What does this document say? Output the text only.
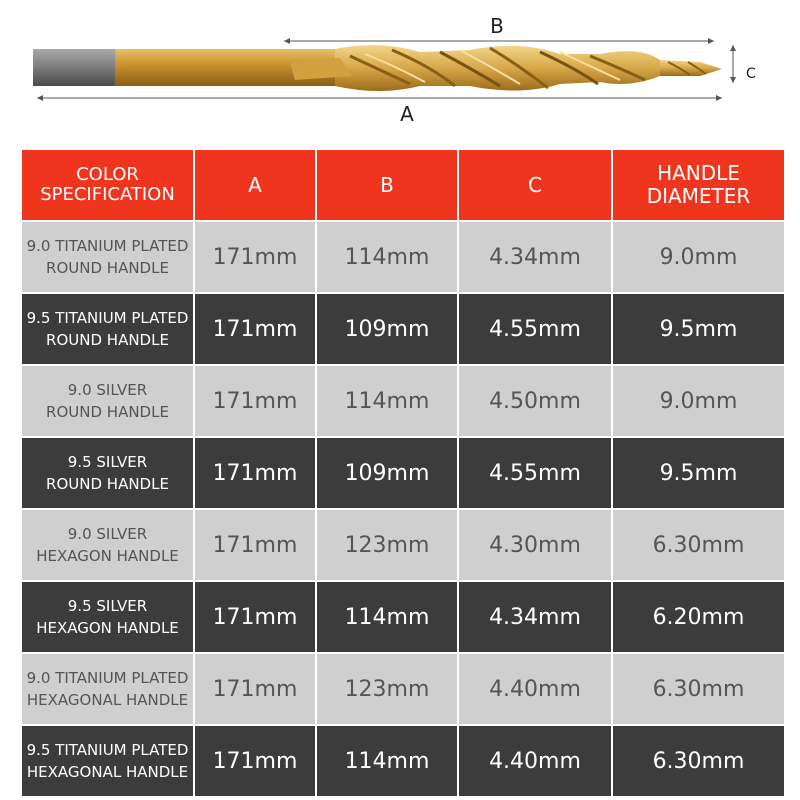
B
C
A
COLOR
SPECIFICATION	A	B	C	HANDLE
DIAMETER

9.0 TITANIUM PLATED
ROUND HANDLE	171mm	114mm	4.34mm	9.0mm

9.5 TITANIUM PLATED
ROUND HANDLE	171mm	109mm	4.55mm	9.5mm

9.0 SILVER
ROUND HANDLE	171mm	114mm	4.50mm	9.0mm

9.5 SILVER
ROUND HANDLE	171mm	109mm	4.55mm	9.5mm

9.0 SILVER
HEXAGON HANDLE	171mm	123mm	4.30mm	6.30mm

9.5 SILVER
HEXAGON HANDLE	171mm	114mm	4.34mm	6.20mm

9.0 TITANIUM PLATED
HEXAGONAL HANDLE	171mm	123mm	4.40mm	6.30mm

9.5 TITANIUM PLATED
HEXAGONAL HANDLE	171mm	114mm	4.40mm	6.30mm
